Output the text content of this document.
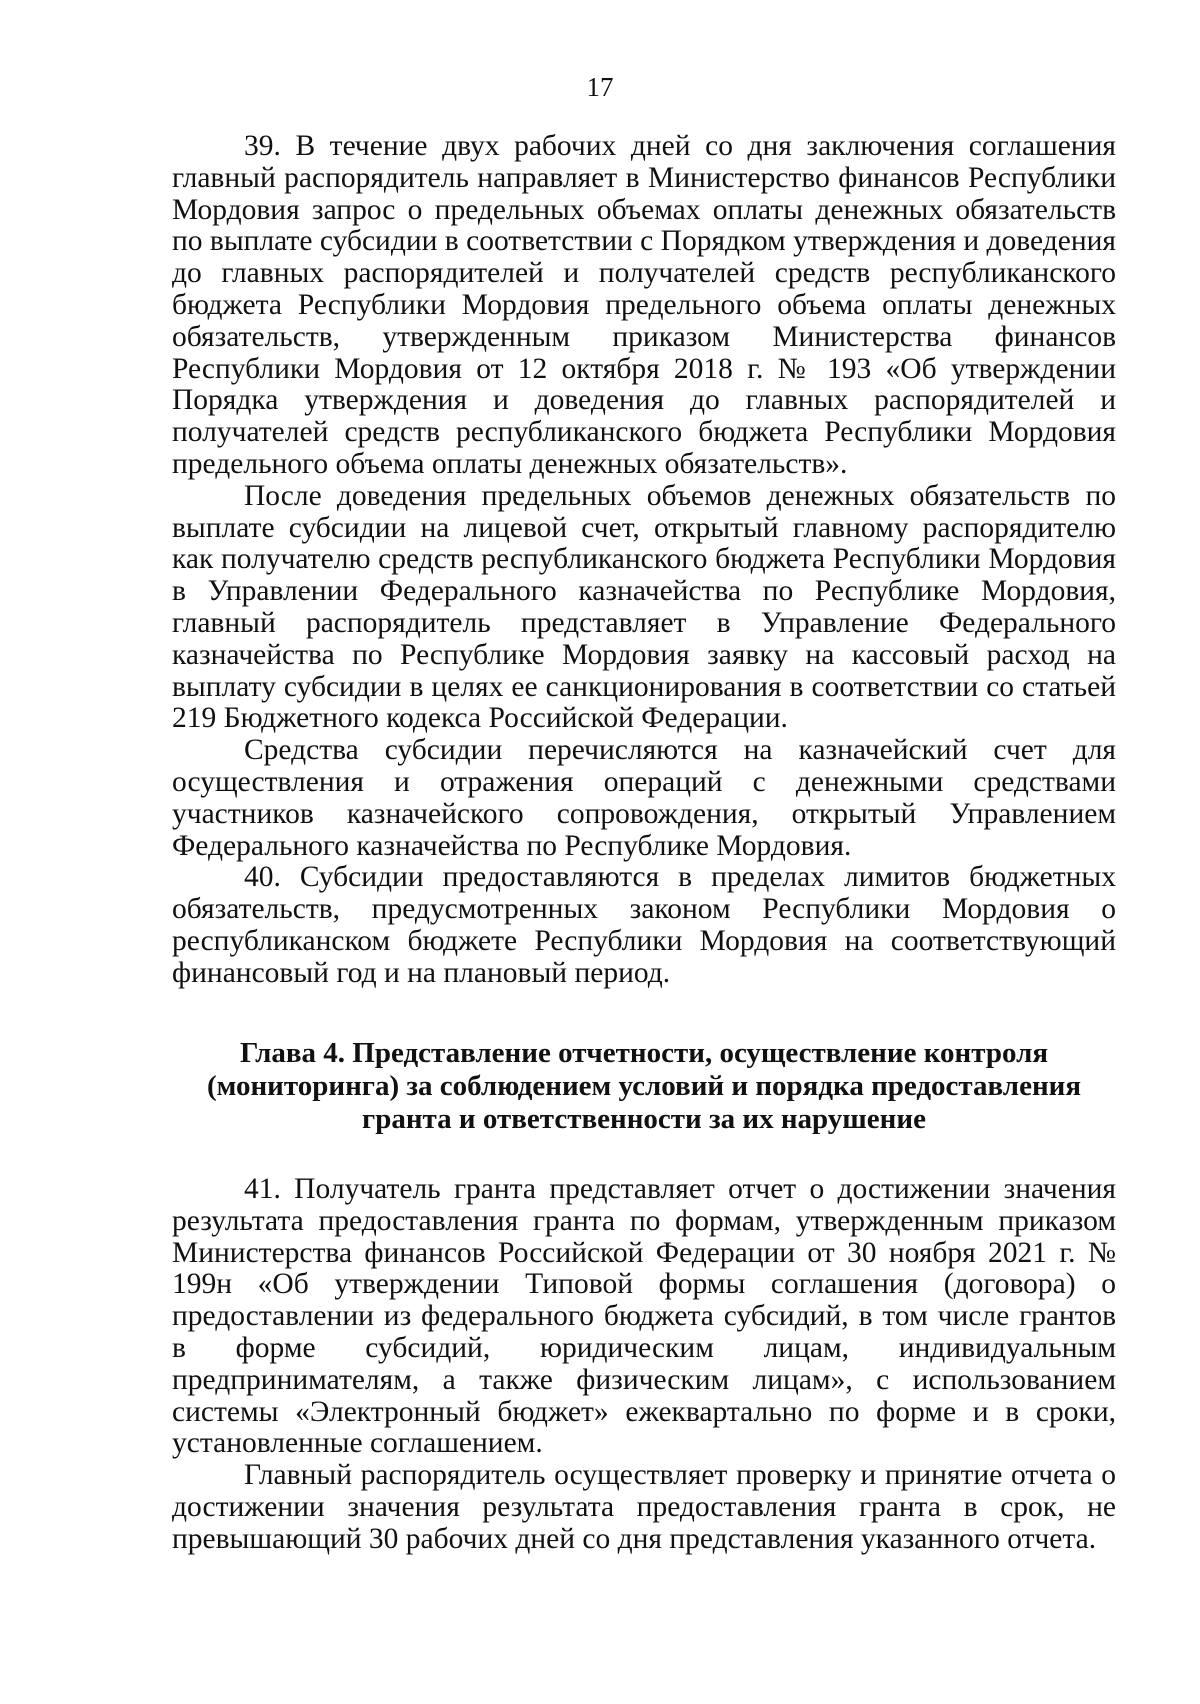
17

39. В течение двух рабочих дней со дня заключения соглашения главный распорядитель направляет в Министерство финансов Республики Мордовия запрос о предельных объемах оплаты денежных обязательств по выплате субсидии в соответствии с Порядком утверждения и доведения до главных распорядителей и получателей средств республиканского бюджета Республики Мордовия предельного объема оплаты денежных обязательств, утвержденным приказом Министерства финансов Республики Мордовия от 12 октября 2018 г. № 193 «Об утверждении Порядка утверждения и доведения до главных распорядителей и получателей средств республиканского бюджета Республики Мордовия предельного объема оплаты денежных обязательств».

После доведения предельных объемов денежных обязательств по выплате субсидии на лицевой счет, открытый главному распорядителю как получателю средств республиканского бюджета Республики Мордовия в Управлении Федерального казначейства по Республике Мордовия, главный распорядитель представляет в Управление Федерального казначейства по Республике Мордовия заявку на кассовый расход на выплату субсидии в целях ее санкционирования в соответствии со статьей 219 Бюджетного кодекса Российской Федерации.

Средства субсидии перечисляются на казначейский счет для осуществления и отражения операций с денежными средствами участников казначейского сопровождения, открытый Управлением Федерального казначейства по Республике Мордовия.

40. Субсидии предоставляются в пределах лимитов бюджетных обязательств, предусмотренных законом Республики Мордовия о республиканском бюджете Республики Мордовия на соответствующий финансовый год и на плановый период.

Глава 4. Представление отчетности, осуществление контроля
(мониторинга) за соблюдением условий и порядка предоставления
гранта и ответственности за их нарушение

41. Получатель гранта представляет отчет о достижении значения результата предоставления гранта по формам, утвержденным приказом Министерства финансов Российской Федерации от 30 ноября 2021 г. № 199н «Об утверждении Типовой формы соглашения (договора) о предоставлении из федерального бюджета субсидий, в том числе грантов в форме субсидий, юридическим лицам, индивидуальным предпринимателям, а также физическим лицам», с использованием системы «Электронный бюджет» ежеквартально по форме и в сроки, установленные соглашением.

Главный распорядитель осуществляет проверку и принятие отчета о достижении значения результата предоставления гранта в срок, не превышающий 30 рабочих дней со дня представления указанного отчета.
